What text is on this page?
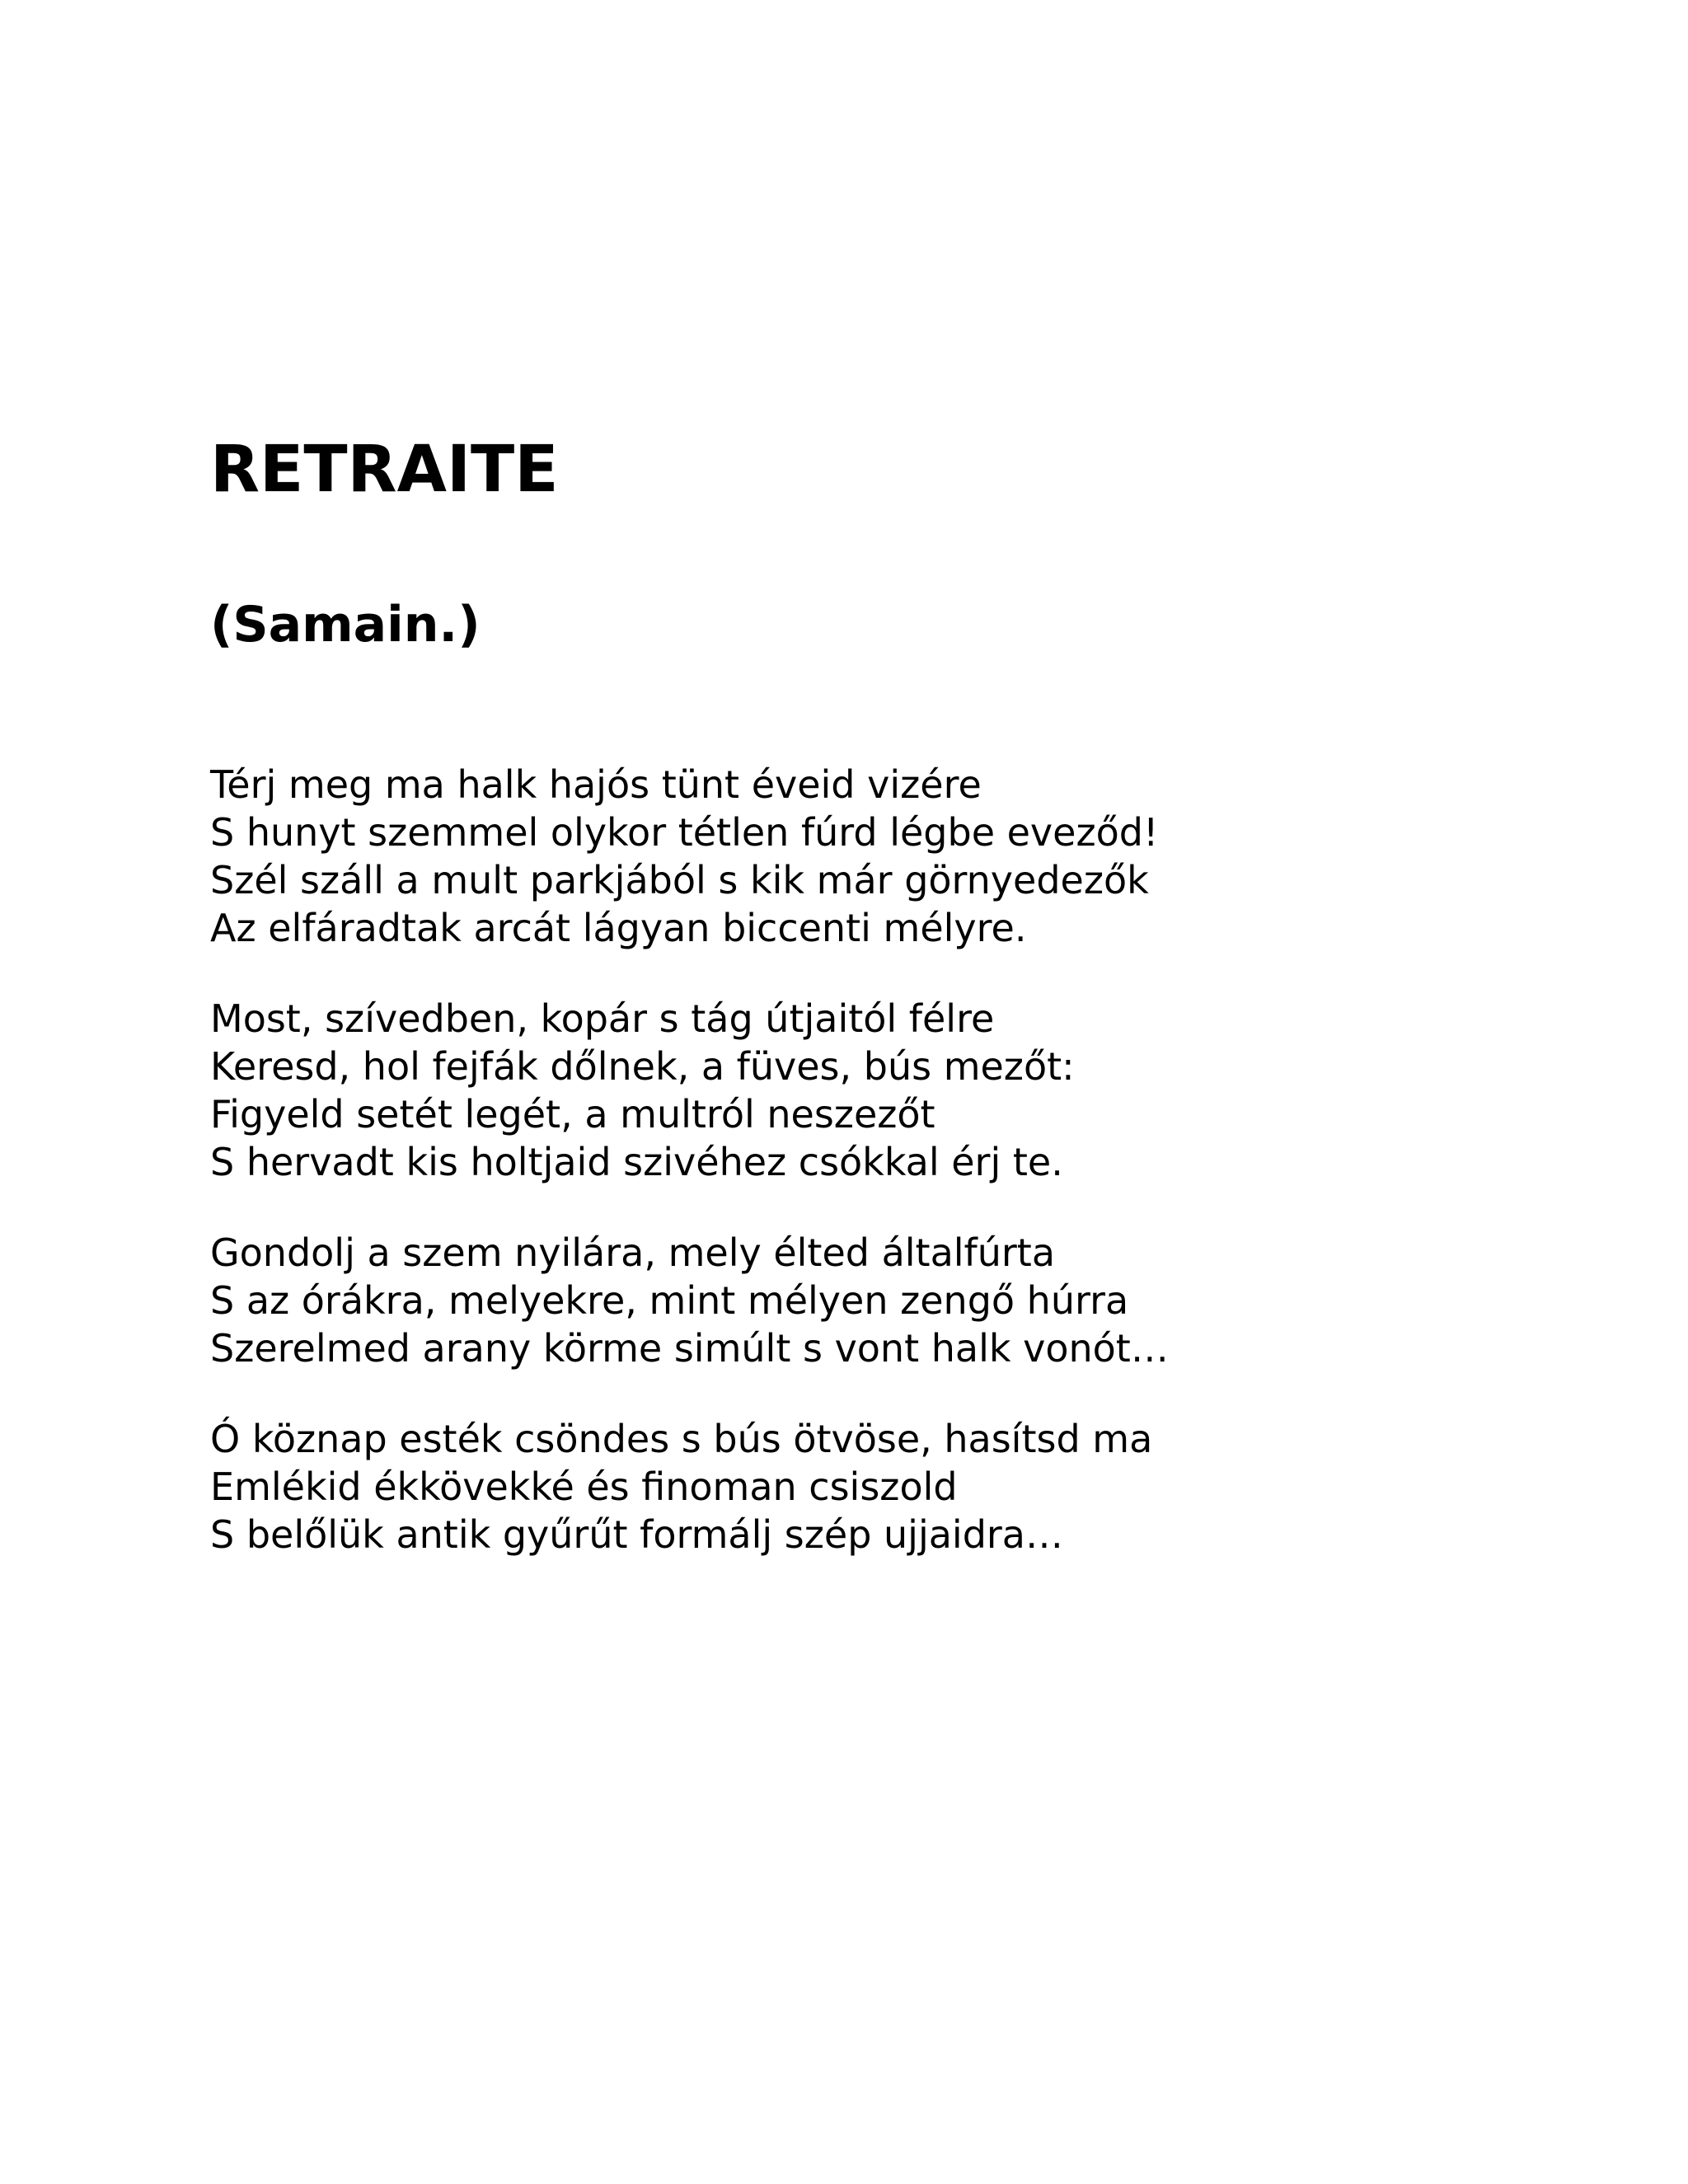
RETRAITE
(Samain.)
Térj meg ma halk hajós tünt éveid vizére
S hunyt szemmel olykor tétlen fúrd légbe eveződ!
Szél száll a mult parkjából s kik már görnyedezők
Az elfáradtak arcát lágyan biccenti mélyre.
Most, szívedben, kopár s tág útjaitól félre
Keresd, hol fejfák dőlnek, a füves, bús mezőt:
Figyeld setét legét, a multról neszezőt
S hervadt kis holtjaid szivéhez csókkal érj te.
Gondolj a szem nyilára, mely élted általfúrta
S az órákra, melyekre, mint mélyen zengő húrra
Szerelmed arany körme simúlt s vont halk vonót…
Ó köznap esték csöndes s bús ötvöse, hasítsd ma
Emlékid ékkövekké és finoman csiszold
S belőlük antik gyűrűt formálj szép ujjaidra…
